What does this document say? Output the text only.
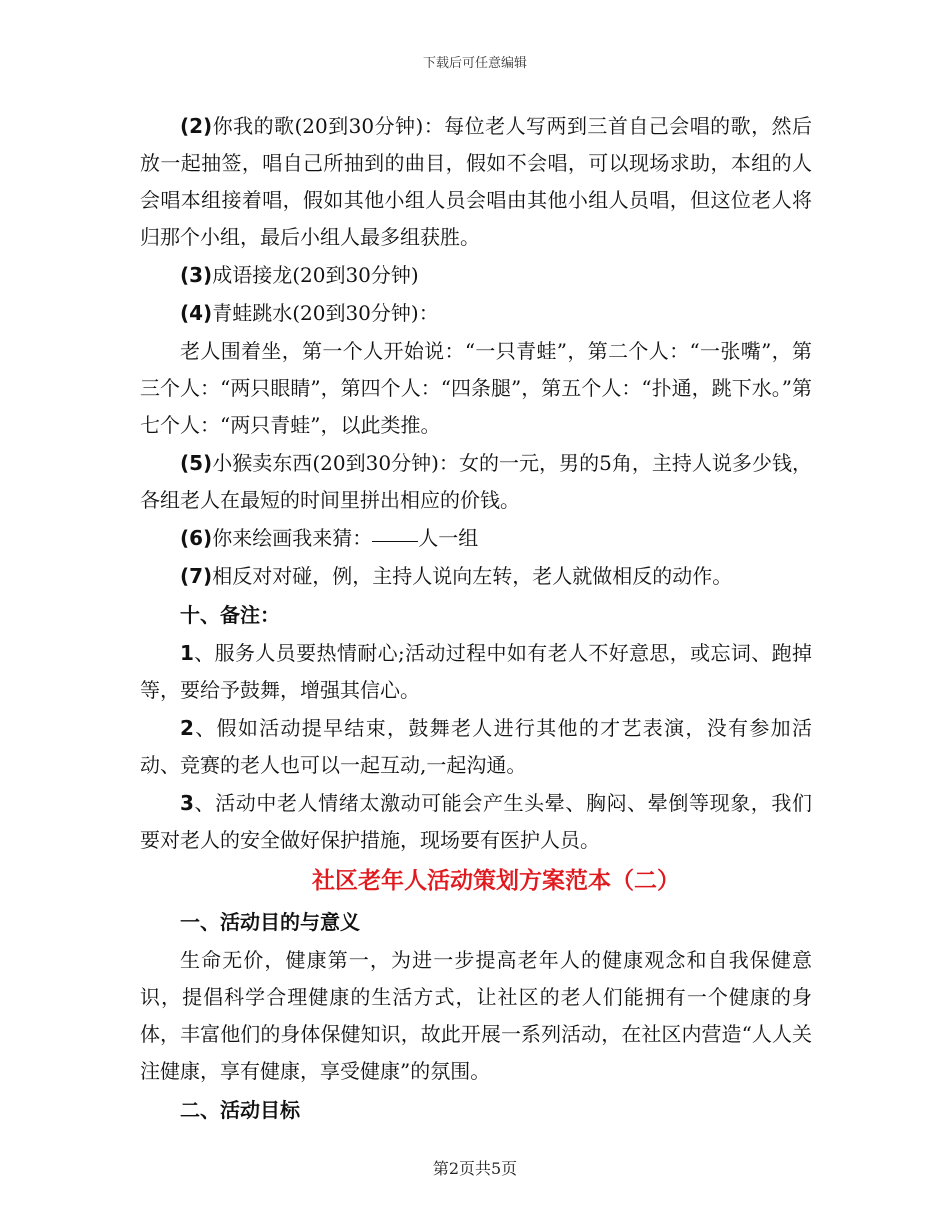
下载后可任意编辑

(2)你我的歌(20到30分钟)：每位老人写两到三首自己会唱的歌，然后放一起抽签，唱自己所抽到的曲目，假如不会唱，可以现场求助，本组的人会唱本组接着唱，假如其他小组人员会唱由其他小组人员唱，但这位老人将归那个小组，最后小组人最多组获胜。

(3)成语接龙(20到30分钟)

(4)青蛙跳水(20到30分钟)：

老人围着坐，第一个人开始说：“一只青蛙”，第二个人：“一张嘴”，第三个人：“两只眼睛”，第四个人：“四条腿”，第五个人：“扑通，跳下水。”第七个人：“两只青蛙”，以此类推。

(5)小猴卖东西(20到30分钟)：女的一元，男的5角，主持人说多少钱，各组老人在最短的时间里拼出相应的价钱。

(6)你来绘画我来猜： 人一组

(7)相反对对碰，例，主持人说向左转，老人就做相反的动作。

十、备注：

1、服务人员要热情耐心;活动过程中如有老人不好意思，或忘词、跑掉等，要给予鼓舞，增强其信心。

2、假如活动提早结束，鼓舞老人进行其他的才艺表演，没有参加活动、竞赛的老人也可以一起互动,一起沟通。

3、活动中老人情绪太激动可能会产生头晕、胸闷、晕倒等现象，我们要对老人的安全做好保护措施，现场要有医护人员。

社区老年人活动策划方案范本（二）

一、活动目的与意义

生命无价，健康第一，为进一步提高老年人的健康观念和自我保健意识，提倡科学合理健康的生活方式，让社区的老人们能拥有一个健康的身体，丰富他们的身体保健知识，故此开展一系列活动，在社区内营造“人人关注健康，享有健康，享受健康”的氛围。

二、活动目标

第2页共5页
